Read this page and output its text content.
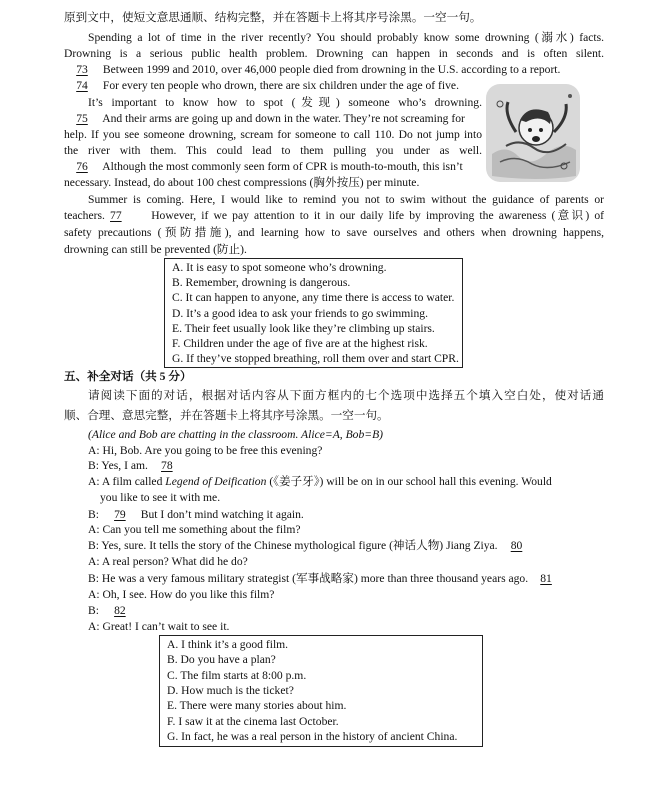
原到文中，使短文意思通顺、结构完整，并在答题卡上将其序号涂黑。一空一句。
Spending a lot of time in the river recently? You should probably know some drowning (溺水) facts.
Drowning is a serious public health problem. Drowning can happen in seconds and is often silent.
73 Between 1999 and 2010, over 46,000 people died from drowning in the U.S. according to a report.
74 For every ten people who drown, there are six children under the age of five.
It’s important to know how to spot (发现) someone who’s drowning.
75 And their arms are going up and down in the water. They’re not screaming for
help. If you see someone drowning, scream for someone to call 110. Do not jump into
the river with them. This could lead to them pulling you under as well.
76 Although the most commonly seen form of CPR is mouth-to-mouth, this isn’t
necessary. Instead, do about 100 chest compressions (胸外按压) per minute.
Summer is coming. Here, I would like to remind you not to swim without the guidance of parents or
teachers. 77	However, if we pay attention to it in our daily life by improving the awareness (意识) of
safety precautions (预防措施), and learning how to save ourselves and others when drowning happens,
drowning can still be prevented (防止).
A. It is easy to spot someone who’s drowning.
B. Remember, drowning is dangerous.
C. It can happen to anyone, any time there is access to water.
D. It’s a good idea to ask your friends to go swimming.
E. Their feet usually look like they’re climbing up stairs.
F. Children under the age of five are at the highest risk.
G. If they’ve stopped breathing, roll them over and start CPR.
五、补全对话（共 5 分）
请阅读下面的对话，根据对话内容从下面方框内的七个选项中选择五个填入空白处，使对话通
顺、合理、意思完整，并在答题卡上将其序号涂黑。一空一句。
(Alice and Bob are chatting in the classroom. Alice=A, Bob=B)
A: Hi, Bob. Are you going to be free this evening?
B: Yes, I am. 78
A: A film called Legend of Deification (《姜子牙》) will be on in our school hall this evening. Would
you like to see it with me.
B: 79 But I don’t mind watching it again.
A: Can you tell me something about the film?
B: Yes, sure. It tells the story of the Chinese mythological figure (神话人物) Jiang Ziya. 80
A: A real person? What did he do?
B: He was a very famous military strategist (军事战略家) more than three thousand years ago. 81
A: Oh, I see. How do you like this film?
B: 82
A: Great! I can’t wait to see it.
A. I think it’s a good film.
B. Do you have a plan?
C. The film starts at 8:00 p.m.
D. How much is the ticket?
E. There were many stories about him.
F. I saw it at the cinema last October.
G. In fact, he was a real person in the history of ancient China.
